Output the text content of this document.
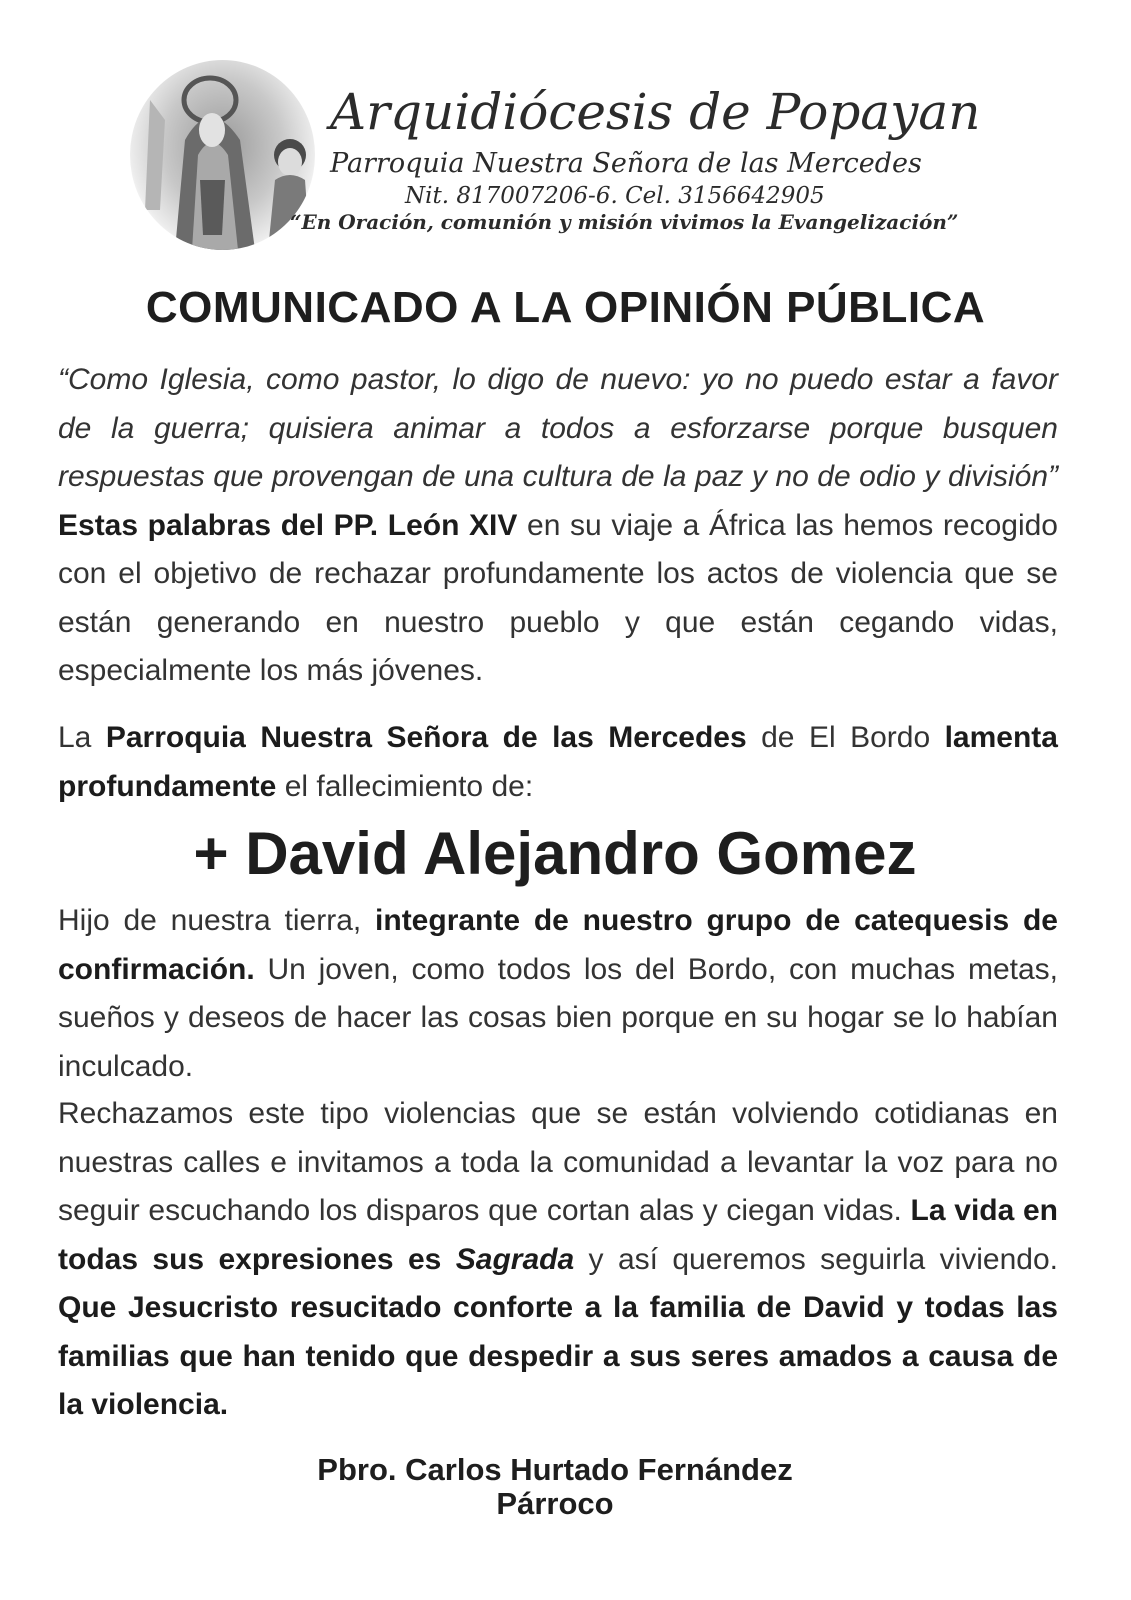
Arquidiócesis de Popayan
Parroquia Nuestra Señora de las Mercedes
Nit. 817007206-6. Cel. 3156642905
“En Oración, comunión y misión vivimos la Evangelización”
COMUNICADO A LA OPINIÓN PÚBLICA

“Como Iglesia, como pastor, lo digo de nuevo: yo no puedo estar a favor de la guerra; quisiera animar a todos a esforzarse porque busquen respuestas que provengan de una cultura de la paz y no de odio y división” Estas palabras del PP. León XIV en su viaje a África las hemos recogido con el objetivo de rechazar profundamente los actos de violencia que se están generando en nuestro pueblo y que están cegando vidas, especialmente los más jóvenes.

La Parroquia Nuestra Señora de las Mercedes de El Bordo lamenta profundamente el fallecimiento de:

+ David Alejandro Gomez

Hijo de nuestra tierra, integrante de nuestro grupo de catequesis de confirmación. Un joven, como todos los del Bordo, con muchas metas, sueños y deseos de hacer las cosas bien porque en su hogar se lo habían inculcado.

Rechazamos este tipo violencias que se están volviendo cotidianas en nuestras calles e invitamos a toda la comunidad a levantar la voz para no seguir escuchando los disparos que cortan alas y ciegan vidas. La vida en todas sus expresiones es Sagrada y así queremos seguirla viviendo. Que Jesucristo resucitado conforte a la familia de David y todas las familias que han tenido que despedir a sus seres amados a causa de la violencia.

Pbro. Carlos Hurtado Fernández
Párroco
